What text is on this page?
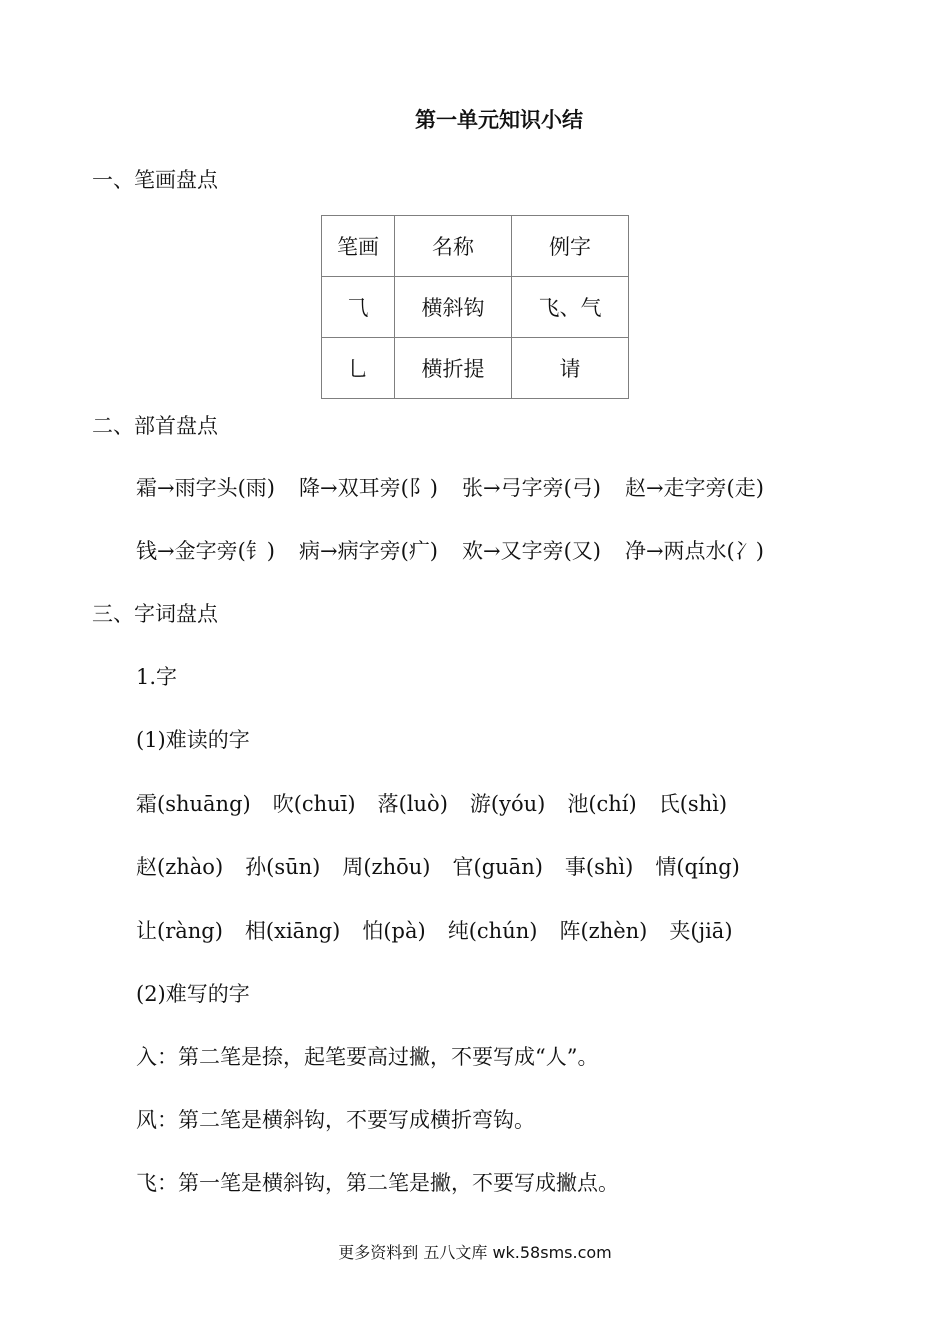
第一单元知识小结
一、笔画盘点
笔画	名称	例字
⺄	横斜钩	飞、气
⺃	横折提	请
二、部首盘点
霜→雨字头(雨) 降→双耳旁(阝) 张→弓字旁(弓) 赵→走字旁(走)
钱→金字旁(钅) 病→病字旁(疒) 欢→又字旁(又) 净→两点水(冫)
三、字词盘点
1.字
(1)难读的字
霜(shuāng) 吹(chuī) 落(luò) 游(yóu) 池(chí) 氏(shì)
赵(zhào) 孙(sūn) 周(zhōu) 官(guān) 事(shì) 情(qíng)
让(ràng) 相(xiāng) 怕(pà) 纯(chún) 阵(zhèn) 夹(jiā)
(2)难写的字
入：第二笔是捺，起笔要高过撇，不要写成“人”。
风：第二笔是横斜钩，不要写成横折弯钩。
飞：第一笔是横斜钩，第二笔是撇，不要写成撇点。
更多资料到 五八文库 wk.58sms.com
